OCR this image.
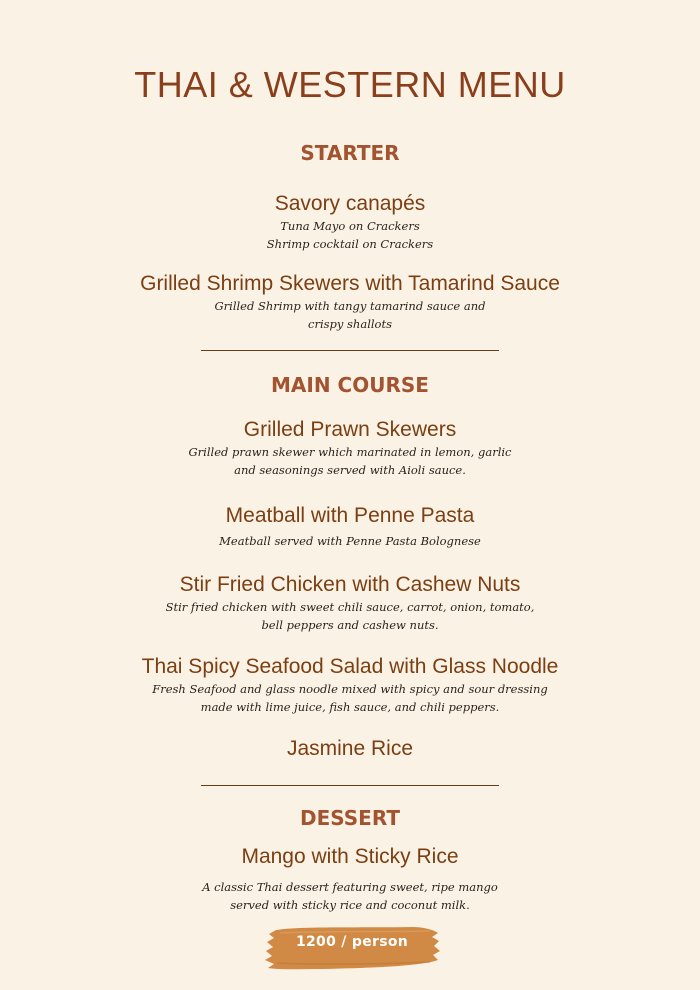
THAI & WESTERN MENU
STARTER
Savory canapés
Tuna Mayo on Crackers
Shrimp cocktail on Crackers
Grilled Shrimp Skewers with Tamarind Sauce
Grilled Shrimp with tangy tamarind sauce and
crispy shallots
MAIN COURSE
Grilled Prawn Skewers
Grilled prawn skewer which marinated in lemon, garlic
and seasonings served with Aioli sauce.
Meatball with Penne Pasta
Meatball served with Penne Pasta Bolognese
Stir Fried Chicken with Cashew Nuts
Stir fried chicken with sweet chili sauce, carrot, onion, tomato,
bell peppers and cashew nuts.
Thai Spicy Seafood Salad with Glass Noodle
Fresh Seafood and glass noodle mixed with spicy and sour dressing
made with lime juice, fish sauce, and chili peppers.
Jasmine Rice
DESSERT
Mango with Sticky Rice
A classic Thai dessert featuring sweet, ripe mango
served with sticky rice and coconut milk.
1200 / person
